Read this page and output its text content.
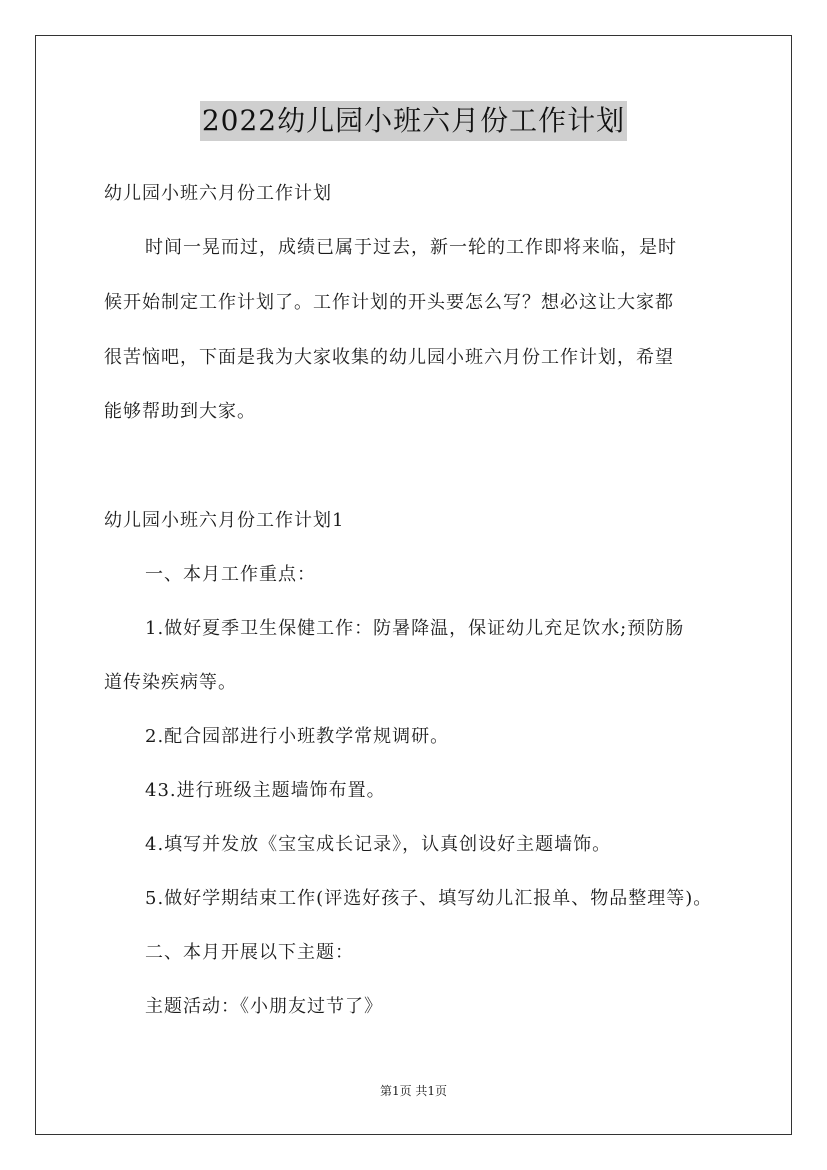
2022幼儿园小班六月份工作计划
幼儿园小班六月份工作计划
时间一晃而过，成绩已属于过去，新一轮的工作即将来临，是时
候开始制定工作计划了。工作计划的开头要怎么写？想必这让大家都
很苦恼吧，下面是我为大家收集的幼儿园小班六月份工作计划，希望
能够帮助到大家。
幼儿园小班六月份工作计划1
一、本月工作重点：
1.做好夏季卫生保健工作：防暑降温，保证幼儿充足饮水;预防肠
道传染疾病等。
2.配合园部进行小班教学常规调研。
43.进行班级主题墙饰布置。
4.填写并发放《宝宝成长记录》，认真创设好主题墙饰。
5.做好学期结束工作(评选好孩子、填写幼儿汇报单、物品整理等)。
二、本月开展以下主题：
主题活动：《小朋友过节了》
第1页 共1页
